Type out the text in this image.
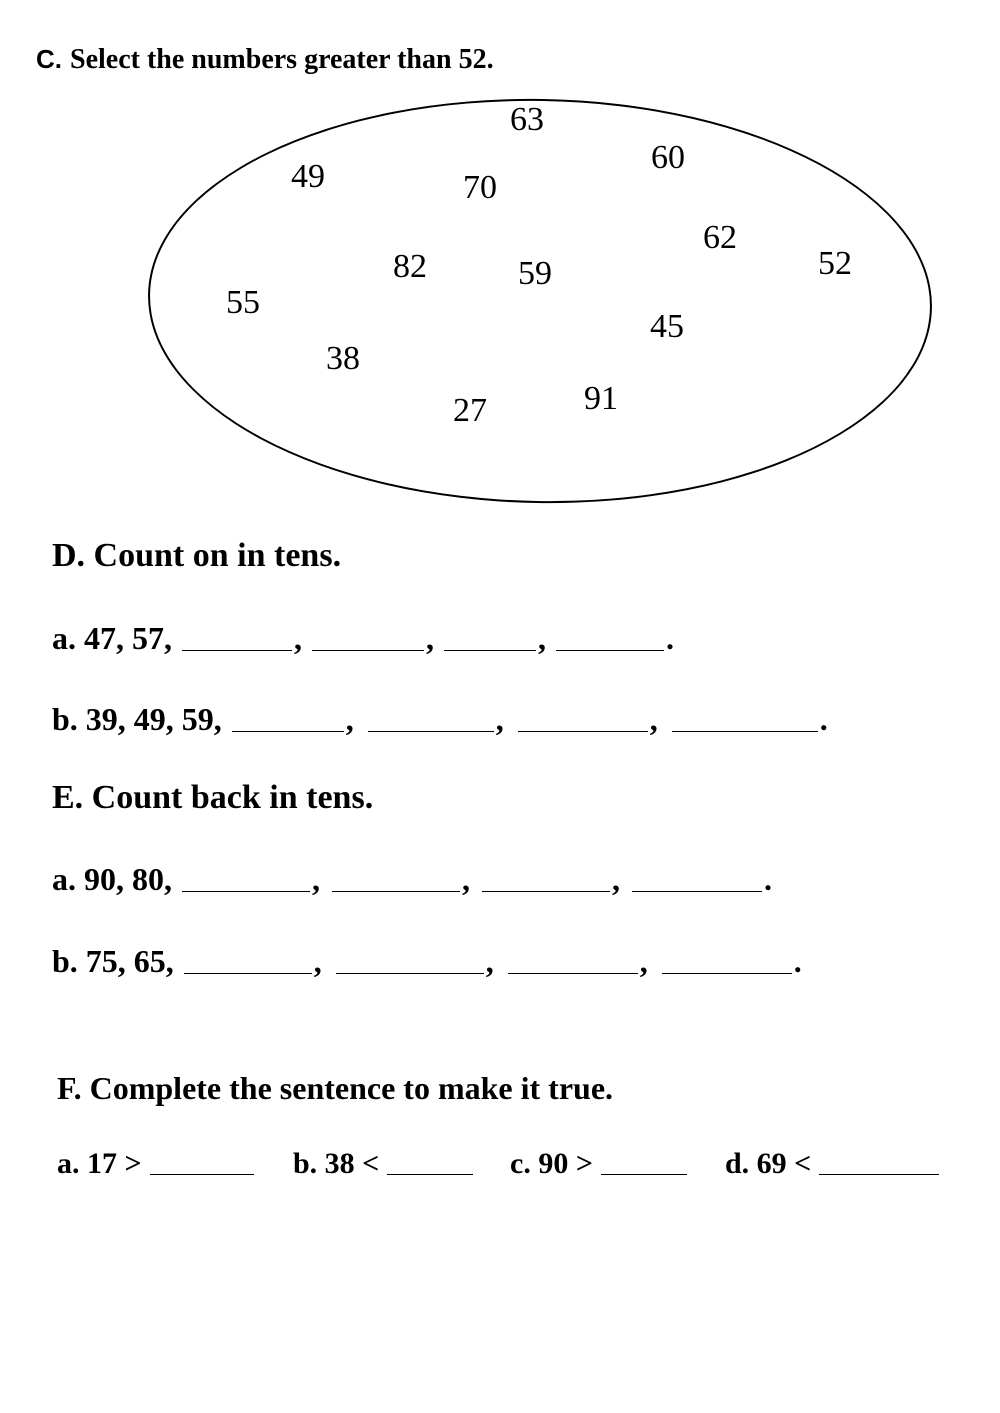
C. Select the numbers greater than 52.
63
60
49	70
62
52
82	59
55
45
38
91
27
D. Count on in tens.
a. 47, 57,	,	,	,	.
b. 39, 49, 59,	,	,	,	.
E. Count back in tens.
a. 90, 80,	,	,	,	.
b. 75, 65,	,	,	,	.
F. Complete the sentence to make it true.
a. 17 >	b. 38 <	c. 90 >	d. 69 <
